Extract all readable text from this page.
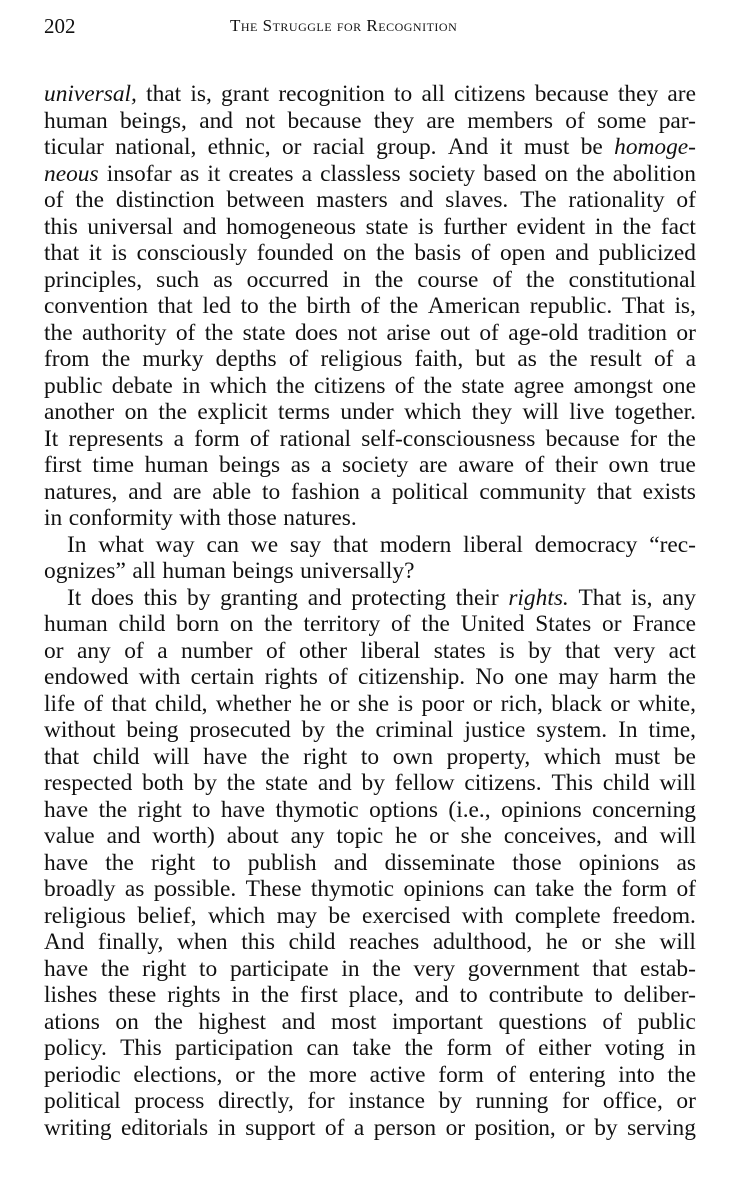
202	The Struggle for Recognition
universal, that is, grant recognition to all citizens because they are
human beings, and not because they are members of some par-
ticular national, ethnic, or racial group. And it must be homoge-
neous insofar as it creates a classless society based on the abolition
of the distinction between masters and slaves. The rationality of
this universal and homogeneous state is further evident in the fact
that it is consciously founded on the basis of open and publicized
principles, such as occurred in the course of the constitutional
convention that led to the birth of the American republic. That is,
the authority of the state does not arise out of age-old tradition or
from the murky depths of religious faith, but as the result of a
public debate in which the citizens of the state agree amongst one
another on the explicit terms under which they will live together.
It represents a form of rational self-consciousness because for the
first time human beings as a society are aware of their own true
natures, and are able to fashion a political community that exists
in conformity with those natures.
In what way can we say that modern liberal democracy “rec-
ognizes” all human beings universally?
It does this by granting and protecting their rights. That is, any
human child born on the territory of the United States or France
or any of a number of other liberal states is by that very act
endowed with certain rights of citizenship. No one may harm the
life of that child, whether he or she is poor or rich, black or white,
without being prosecuted by the criminal justice system. In time,
that child will have the right to own property, which must be
respected both by the state and by fellow citizens. This child will
have the right to have thymotic options (i.e., opinions concerning
value and worth) about any topic he or she conceives, and will
have the right to publish and disseminate those opinions as
broadly as possible. These thymotic opinions can take the form of
religious belief, which may be exercised with complete freedom.
And finally, when this child reaches adulthood, he or she will
have the right to participate in the very government that estab-
lishes these rights in the first place, and to contribute to deliber-
ations on the highest and most important questions of public
policy. This participation can take the form of either voting in
periodic elections, or the more active form of entering into the
political process directly, for instance by running for office, or
writing editorials in support of a person or position, or by serving
